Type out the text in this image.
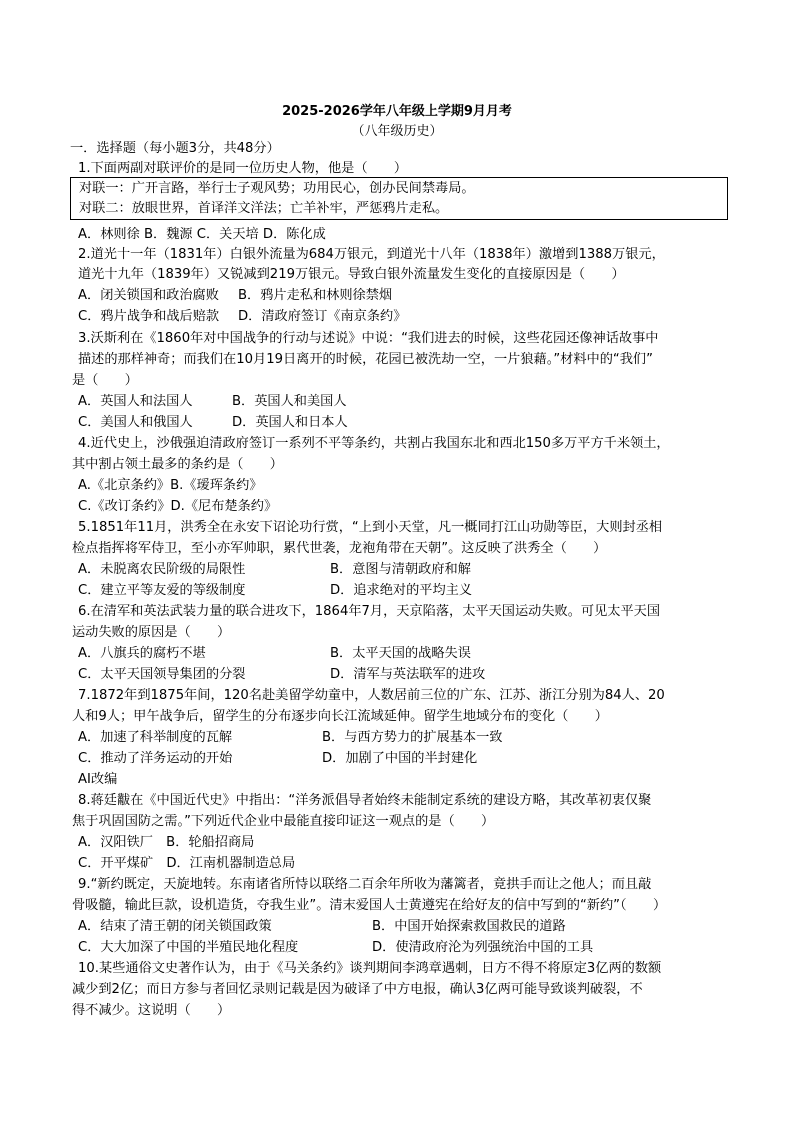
2025-2026学年八年级上学期9月月考
（八年级历史）
一．选择题（每小题3分，共48分）
1.下面两副对联评价的是同一位历史人物，他是（　　）
对联一：广开言路，举行士子观风势；功用民心，创办民间禁毒局。
对联二：放眼世界，首译洋文洋法；亡羊补牢，严惩鸦片走私。
A．林则徐 B．魏源 C．关天培 D．陈化成
2.道光十一年（1831年）白银外流量为684万银元，到道光十八年（1838年）激增到1388万银元，
道光十九年（1839年）又锐减到219万银元。导致白银外流量发生变化的直接原因是（　　）
A．闭关锁国和政治腐败 B．鸦片走私和林则徐禁烟
C．鸦片战争和战后赔款 D．清政府签订《南京条约》
3.沃斯利在《1860年对中国战争的行动与述说》中说：“我们进去的时候，这些花园还像神话故事中
描述的那样神奇；而我们在10月19日离开的时候，花园已被洗劫一空，一片狼藉。”材料中的“我们”
是（　　）
A．英国人和法国人	B．英国人和美国人
C．美国人和俄国人	D．英国人和日本人
4.近代史上，沙俄强迫清政府签订一系列不平等条约，共割占我国东北和西北150多万平方千米领土，
其中割占领土最多的条约是（　　）
A.《北京条约》B.《瑷珲条约》
C.《改订条约》D.《尼布楚条约》
5.1851年11月，洪秀全在永安下诏论功行赏，“上到小天堂，凡一概同打江山功勋等臣，大则封丞相
检点指挥将军侍卫，至小亦军帅职，累代世袭，龙袍角带在天朝”。这反映了洪秀全（　　）
A．未脱离农民阶级的局限性	B．意图与清朝政府和解
C．建立平等友爱的等级制度	D．追求绝对的平均主义
6.在清军和英法武装力量的联合进攻下，1864年7月，天京陷落，太平天国运动失败。可见太平天国
运动失败的原因是（　　）
A．八旗兵的腐朽不堪	B．太平天国的战略失误
C．太平天国领导集团的分裂	D．清军与英法联军的进攻
7.1872年到1875年间，120名赴美留学幼童中，人数居前三位的广东、江苏、浙江分别为84人、20
人和9人；甲午战争后，留学生的分布逐步向长江流域延伸。留学生地域分布的变化（　　）
A．加速了科举制度的瓦解	B．与西方势力的扩展基本一致
C．推动了洋务运动的开始	D．加剧了中国的半封建化
AI改编
8.蒋廷黻在《中国近代史》中指出：“洋务派倡导者始终未能制定系统的建设方略，其改革初衷仅聚
焦于巩固国防之需。”下列近代企业中最能直接印证这一观点的是（　　）
A．汉阳铁厂　B．轮船招商局
C．开平煤矿　D．江南机器制造总局
9.“新约既定，天旋地转。东南诸省所恃以联络二百余年所收为藩篱者，竟拱手而让之他人；而且敲
骨吸髓，输此巨款，设机造货，夺我生业”。清末爱国人士黄遵宪在给好友的信中写到的“新约”（　　）
A．结束了清王朝的闭关锁国政策	B．中国开始探索救国救民的道路
C．大大加深了中国的半殖民地化程度	D．使清政府沦为列强统治中国的工具
10.某些通俗文史著作认为，由于《马关条约》谈判期间李鸿章遇刺，日方不得不将原定3亿两的数额
减少到2亿；而日方参与者回忆录则记载是因为破译了中方电报，确认3亿两可能导致谈判破裂，不
得不减少。这说明（　　）
